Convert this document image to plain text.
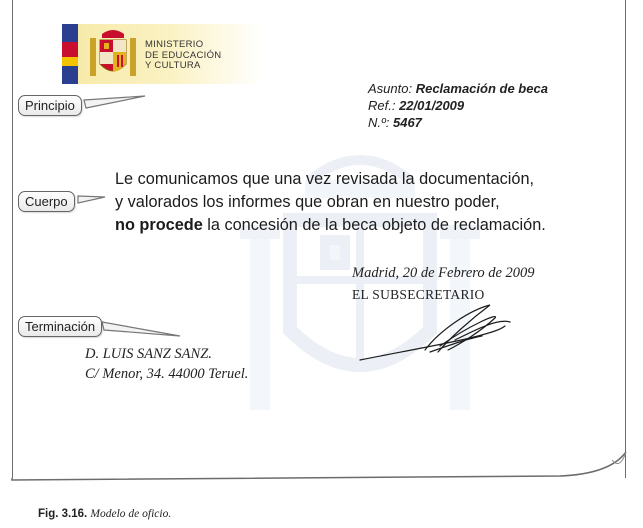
MINISTERIO
DE EDUCACIÓN
Y CULTURA
Asunto: Reclamación de beca
Ref.: 22/01/2009
N.º: 5467
Principio
Cuerpo
Terminación
Le comunicamos que una vez revisada la documentación,
y valorados los informes que obran en nuestro poder,
no procede la concesión de la beca objeto de reclamación.
Madrid, 20 de Febrero de 2009
EL SUBSECRETARIO
D. LUIS SANZ SANZ.
C/ Menor, 34. 44000 Teruel.
Fig. 3.16. Modelo de oficio.
